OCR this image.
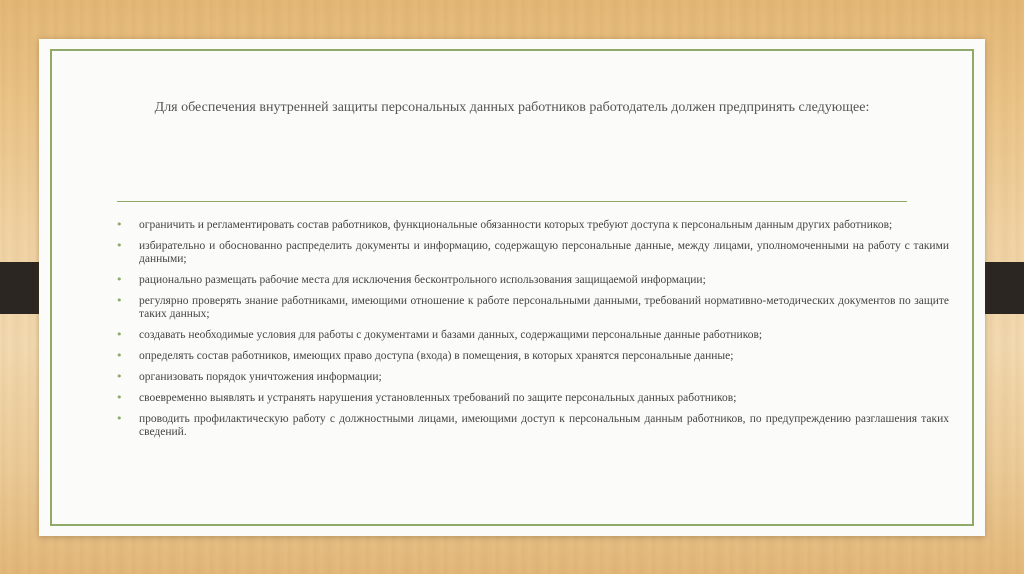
Для обеспечения внутренней защиты персональных данных работников работодатель должен предпринять следующее:
• ограничить и регламентировать состав работников, функциональные обязанности которых требуют доступа к персональным данным других работников;
• избирательно и обоснованно распределить документы и информацию, содержащую персональные данные, между лицами, уполномоченными на работу с такими данными;
• рационально размещать рабочие места для исключения бесконтрольного использования защищаемой информации;
• регулярно проверять знание работниками, имеющими отношение к работе персональными данными, требований нормативно-методических документов по защите таких данных;
• создавать необходимые условия для работы с документами и базами данных, содержащими персональные данные работников;
• определять состав работников, имеющих право доступа (входа) в помещения, в которых хранятся персональные данные;
• организовать порядок уничтожения информации;
• своевременно выявлять и устранять нарушения установленных требований по защите персональных данных работников;
• проводить профилактическую работу с должностными лицами, имеющими доступ к персональным данным работников, по предупреждению разглашения таких сведений.
